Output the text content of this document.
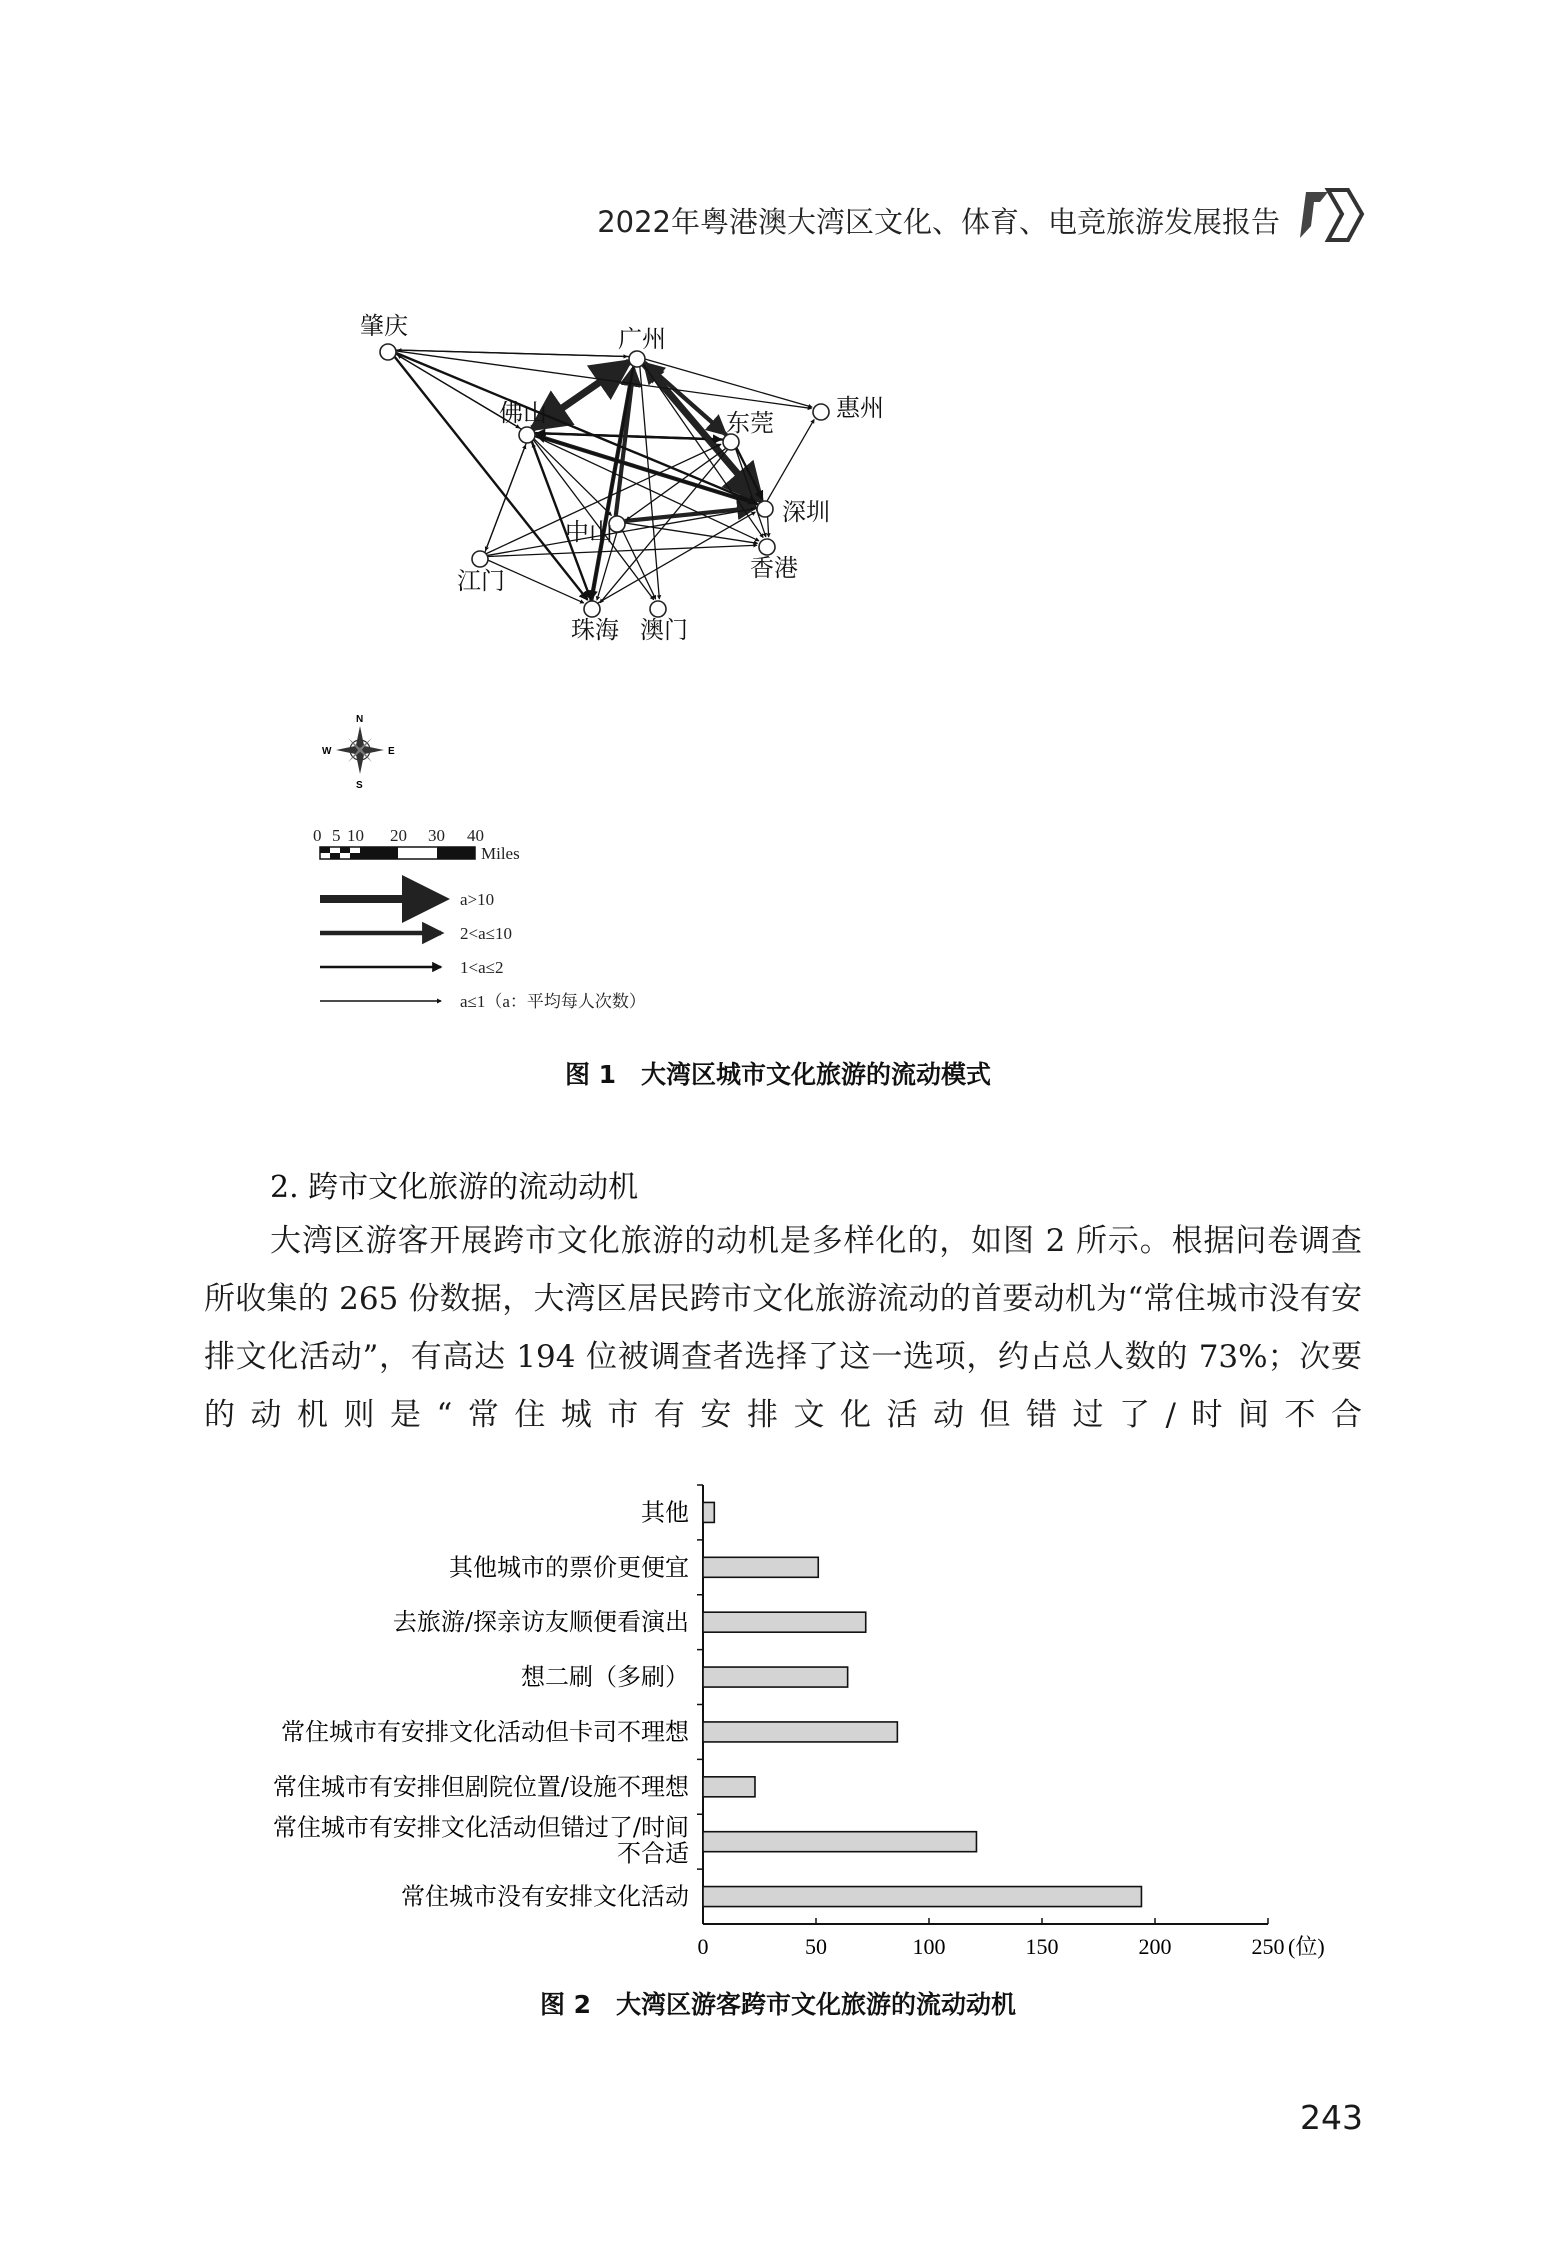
2022年粤港澳大湾区文化、体育、电竞旅游发展报告
肇庆	广州
惠州
佛山	东莞
深圳
中山
香港
江门
珠海 澳门
N
S
E
W
0 5 10 20 30 40
Miles
a>10
2<a≤10
1<a≤2
a≤1（a：平均每人次数）
图 1　大湾区城市文化旅游的流动模式
2. 跨市文化旅游的流动动机

大湾区游客开展跨市文化旅游的动机是多样化的，如图 2 所示。根据问卷调查所收集的 265 份数据，大湾区居民跨市文化旅游流动的首要动机为“常住城市没有安排文化活动”，有高达 194 位被调查者选择了这一选项，约占总人数的 73%；次要的动机则是“常住城市有安排文化活动但错过了/时间不合

0	50	100	150	200	250 (位)
其他
其他城市的票价更便宜
去旅游/探亲访友顺便看演出
想二刷（多刷）
常住城市有安排文化活动但卡司不理想
常住城市有安排但剧院位置/设施不理想
常住城市有安排文化活动但错过了/时间不合适
常住城市没有安排文化活动
图 2　大湾区游客跨市文化旅游的流动动机
243
